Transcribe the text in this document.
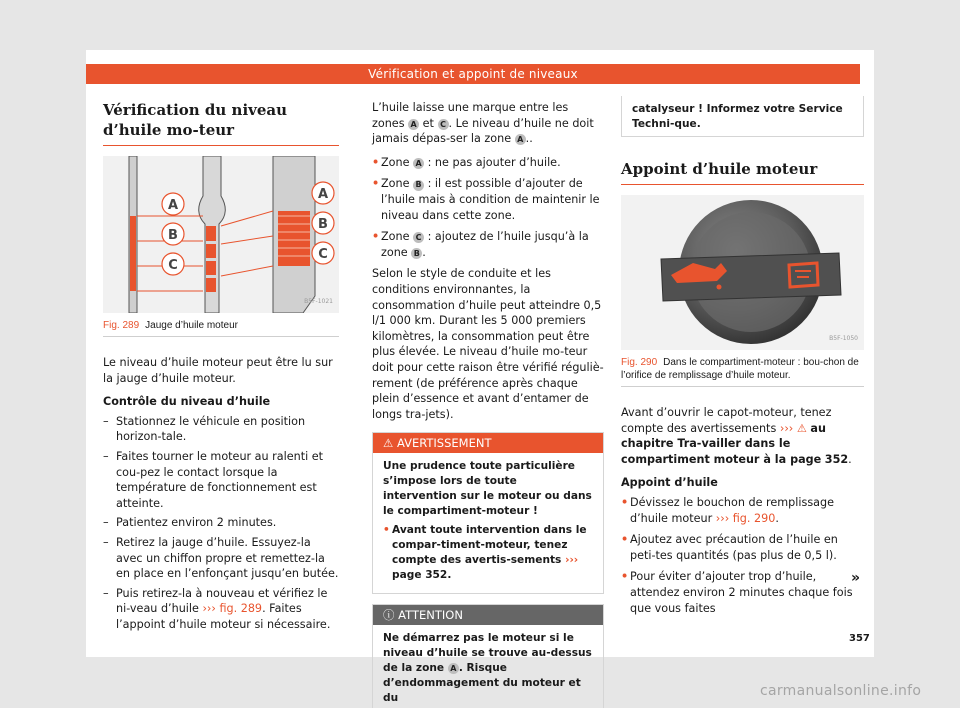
Vérification et appoint de niveaux
Vérification du niveau d’huile mo-teur
A
B
C
A
B
C
B5F-1021
Fig. 289 Jauge d’huile moteur

Le niveau d’huile moteur peut être lu sur la jauge d’huile moteur.

Contrôle du niveau d’huile

– Stationnez le véhicule en position horizon-tale.
– Faites tourner le moteur au ralenti et cou-pez le contact lorsque la température de fonctionnement est atteinte.
– Patientez environ 2 minutes.
– Retirez la jauge d’huile. Essuyez-la avec un chiffon propre et remettez-la en place en l’enfonçant jusqu’en butée.
– Puis retirez-la à nouveau et vérifiez le ni-veau d’huile ››› fig. 289. Faites l’appoint d’huile moteur si nécessaire.

L’huile laisse une marque entre les zones A et C . Le niveau d’huile ne doit jamais dépas-ser la zone A ..

• Zone A : ne pas ajouter d’huile.
• Zone B : il est possible d’ajouter de l’huile mais à condition de maintenir le niveau dans cette zone.
• Zone C : ajoutez de l’huile jusqu’à la zone B .

Selon le style de conduite et les conditions environnantes, la consommation d’huile peut atteindre 0,5 l/1 000 km. Durant les 5 000 premiers kilomètres, la consommation peut être plus élevée. Le niveau d’huile mo-teur doit pour cette raison être vérifié réguliè-rement (de préférence après chaque plein d’essence et avant d’entamer de longs tra-jets).

⚠ AVERTISSEMENT

Une prudence toute particulière s’impose lors de toute intervention sur le moteur ou dans le compartiment-moteur !

• Avant toute intervention dans le compar-timent-moteur, tenez compte des avertis-sements ››› page 352.
ⓘ ATTENTION
Ne démarrez pas le moteur si le niveau d’huile se trouve au-dessus de la zone A . Risque d’endommagement du moteur et du
catalyseur ! Informez votre Service Techni-que.
Appoint d’huile moteur
B5F-1050
Fig. 290 Dans le compartiment-moteur : bou-chon de l’orifice de remplissage d’huile moteur.

Avant d’ouvrir le capot-moteur, tenez compte des avertissements ››› ⚠ au chapitre Tra-vailler dans le compartiment moteur à la page 352.

Appoint d’huile

• Dévissez le bouchon de remplissage d’huile moteur ››› fig. 290.
• Ajoutez avec précaution de l’huile en peti-tes quantités (pas plus de 0,5 l).
• Pour éviter d’ajouter trop d’huile, attendez environ 2 minutes chaque fois que vous faites
»
357
carmanualsonline.info
